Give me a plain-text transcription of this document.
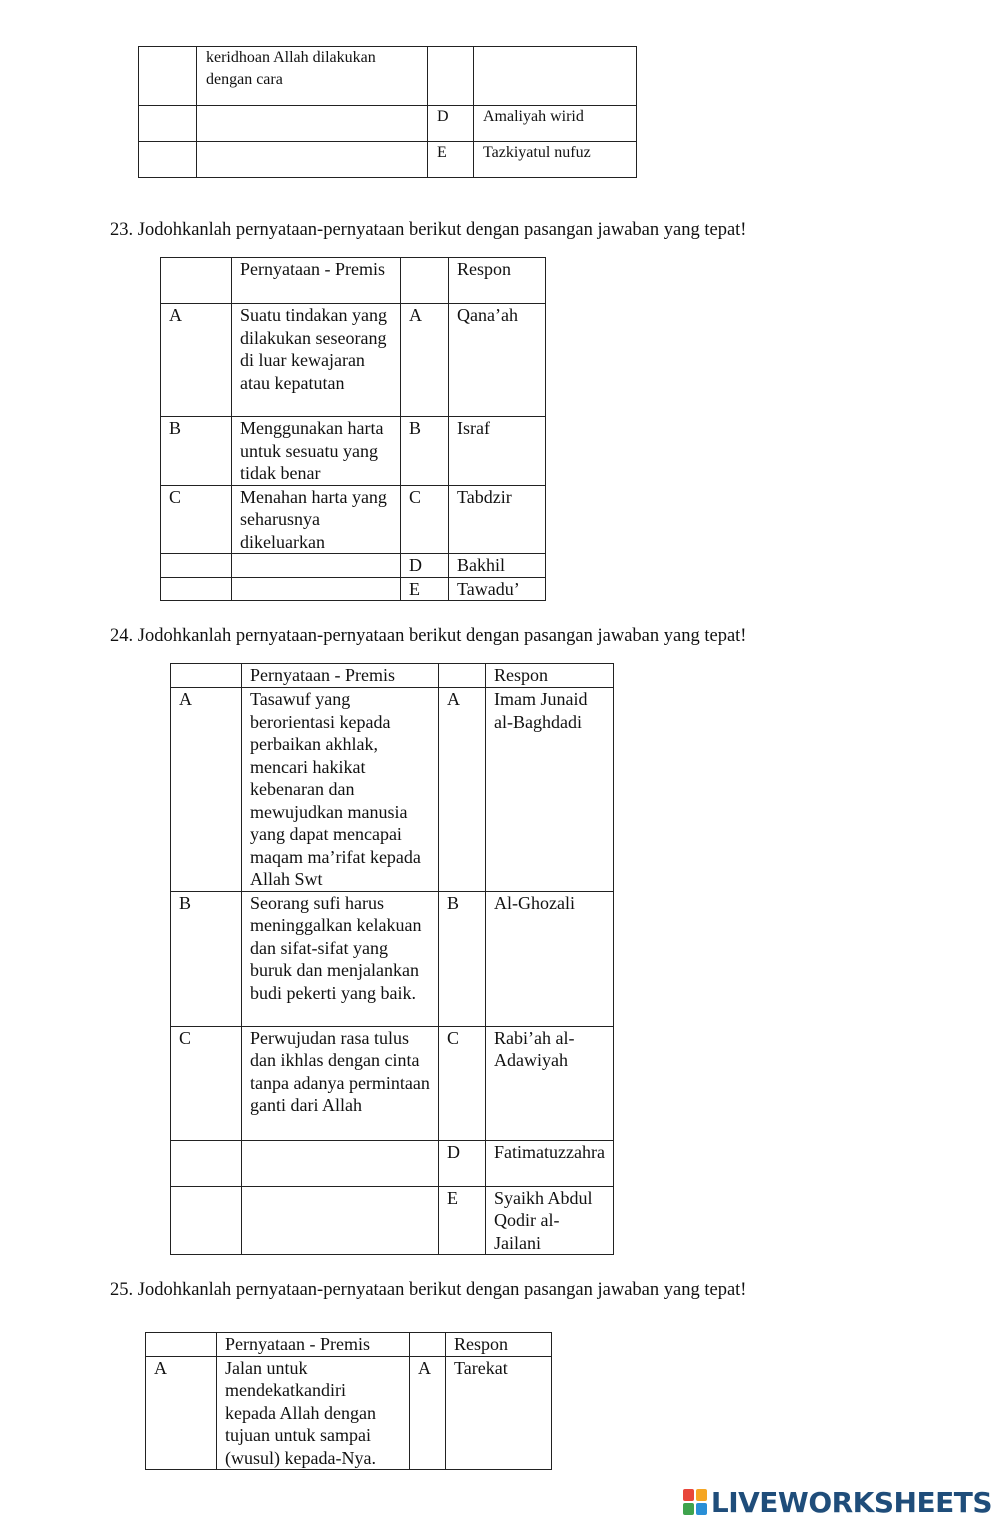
	keridhoan Allah dilakukan dengan cara		
		D	Amaliyah wirid
		E	Tazkiyatul nufuz

23. Jodohkanlah pernyataan-pernyataan berikut dengan pasangan jawaban yang tepat!

	Pernyataan - Premis		Respon
A	Suatu tindakan yang dilakukan seseorang di luar kewajaran atau kepatutan	A	Qana’ah
B	Menggunakan harta untuk sesuatu yang tidak benar	B	Israf
C	Menahan harta yang seharusnya dikeluarkan	C	Tabdzir
		D	Bakhil
		E	Tawadu’

24. Jodohkanlah pernyataan-pernyataan berikut dengan pasangan jawaban yang tepat!

	Pernyataan - Premis		Respon
A	Tasawuf yang berorientasi kepada perbaikan akhlak, mencari hakikat kebenaran dan mewujudkan manusia yang dapat mencapai maqam ma’rifat kepada Allah Swt	A	Imam Junaid al-Baghdadi
B	Seorang sufi harus meninggalkan kelakuan dan sifat-sifat yang buruk dan menjalankan budi pekerti yang baik.	B	Al-Ghozali
C	Perwujudan rasa tulus dan ikhlas dengan cinta tanpa adanya permintaan ganti dari Allah	C	Rabi’ah al-Adawiyah
		D	Fatimatuzzahra
		E	Syaikh Abdul Qodir al-Jailani

25. Jodohkanlah pernyataan-pernyataan berikut dengan pasangan jawaban yang tepat!

	Pernyataan - Premis		Respon
A	Jalan untuk mendekatkandiri kepada Allah dengan tujuan untuk sampai (wusul) kepada-Nya.	A	Tarekat
LIVEWORKSHEETS
